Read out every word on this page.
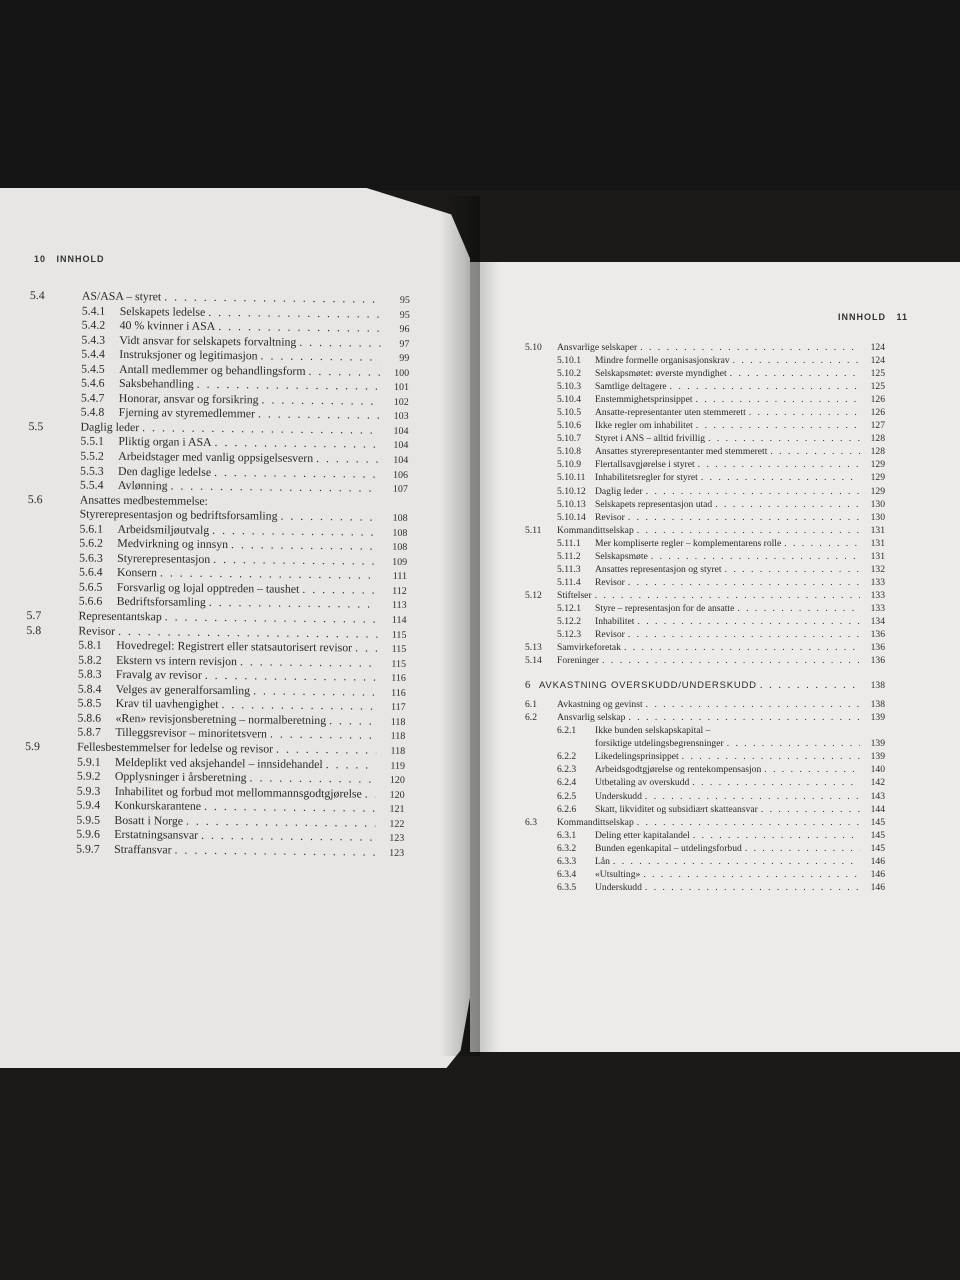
10 INNHOLD
INNHOLD 11
5.4	AS/ASA – styret . . .	95
5.4.1	Selskapets ledelse . . .	95
5.4.2	40 % kvinner i ASA . . .	96
5.4.3	Vidt ansvar for selskapets forvaltning . . .	97
5.4.4	Instruksjoner og legitimasjon . . .	99
5.4.5	Antall medlemmer og behandlingsform . . .	100
5.4.6	Saksbehandling . . .	101
5.4.7	Honorar, ansvar og forsikring . . .	102
5.4.8	Fjerning av styremedlemmer . . .	103
5.5	Daglig leder . . .	104
5.5.1	Pliktig organ i ASA . . .	104
5.5.2	Arbeidstager med vanlig oppsigelsesvern . . .	104
5.5.3	Den daglige ledelse . . .	106
5.5.4	Avlønning . . .	107
5.6	Ansattes medbestemmelse:
Styrerepresentasjon og bedriftsforsamling . . .	108
5.6.1	Arbeidsmiljøutvalg . . .	108
5.6.2	Medvirkning og innsyn . . .	108
5.6.3	Styrerepresentasjon . . .	109
5.6.4	Konsern . . .	111
5.6.5	Forsvarlig og lojal opptreden – taushet . . .	112
5.6.6	Bedriftsforsamling . . .	113
5.7	Representantskap . . .	114
5.8	Revisor . . .	115
5.8.1	Hovedregel: Registrert eller statsautorisert revisor . . .	115
5.8.2	Ekstern vs intern revisjon . . .	115
5.8.3	Fravalg av revisor . . .	116
5.8.4	Velges av generalforsamling . . .	116
5.8.5	Krav til uavhengighet . . .	117
5.8.6	«Ren» revisjonsberetning – normalberetning . . .	118
5.8.7	Tilleggsrevisor – minoritetsvern . . .	118
5.9	Fellesbestemmelser for ledelse og revisor . . .	118
5.9.1	Meldeplikt ved aksjehandel – innsidehandel . . .	119
5.9.2	Opplysninger i årsberetning . . .	120
5.9.3	Inhabilitet og forbud mot mellommannsgodtgjørelse . . .	120
5.9.4	Konkurskarantene . . .	121
5.9.5	Bosatt i Norge . . .	122
5.9.6	Erstatningsansvar . . .	123
5.9.7	Straffansvar . . .	123
5.10	Ansvarlige selskaper . . .	124
5.10.1	Mindre formelle organisasjonskrav . . .	124
5.10.2	Selskapsmøtet: øverste myndighet . . .	125
5.10.3	Samtlige deltagere . . .	125
5.10.4	Enstemmighetsprinsippet . . .	126
5.10.5	Ansatte-representanter uten stemmerett . . .	126
5.10.6	Ikke regler om inhabilitet . . .	127
5.10.7	Styret i ANS – alltid frivillig . . .	128
5.10.8	Ansattes styrerepresentanter med stemmerett . . .	128
5.10.9	Flertallsavgjørelse i styret . . .	129
5.10.11 Inhabilitetsregler for styret . . .	129
5.10.12 Daglig leder . . .	129
5.10.13 Selskapets representasjon utad . . .	130
5.10.14 Revisor . . .	130
5.11	Kommandittselskap . . .	131
5.11.1	Mer kompliserte regler – komplementarens rolle . . .	131
5.11.2	Selskapsmøte . . .	131
5.11.3	Ansattes representasjon og styret . . .	132
5.11.4	Revisor . . .	133
5.12	Stiftelser . . .	133
5.12.1	Styre – representasjon for de ansatte . . .	133
5.12.2	Inhabilitet . . .	134
5.12.3	Revisor . . .	136
5.13	Samvirkeforetak . . .	136
5.14	Foreninger . . .	136
6 AVKASTNING OVERSKUDD/UNDERSKUDD . . .	138
6.1	Avkastning og gevinst . . .	138
6.2	Ansvarlig selskap . . .	139
6.2.1	Ikke bunden selskapskapital –
forsiktige utdelingsbegrensninger . . .	139
6.2.2	Likedelingsprinsippet . . .	139
6.2.3	Arbeidsgodtgjørelse og rentekompensasjon . . .	140
6.2.4	Utbetaling av overskudd . . .	142
6.2.5	Underskudd . . .	143
6.2.6	Skatt, likviditet og subsidiært skatteansvar . . .	144
6.3	Kommandittselskap . . .	145
6.3.1	Deling etter kapitalandel . . .	145
6.3.2	Bunden egenkapital – utdelingsforbud . . .	145
6.3.3	Lån . . .	146
6.3.4	«Utsulting» . . .	146
6.3.5	Underskudd . . .	146
